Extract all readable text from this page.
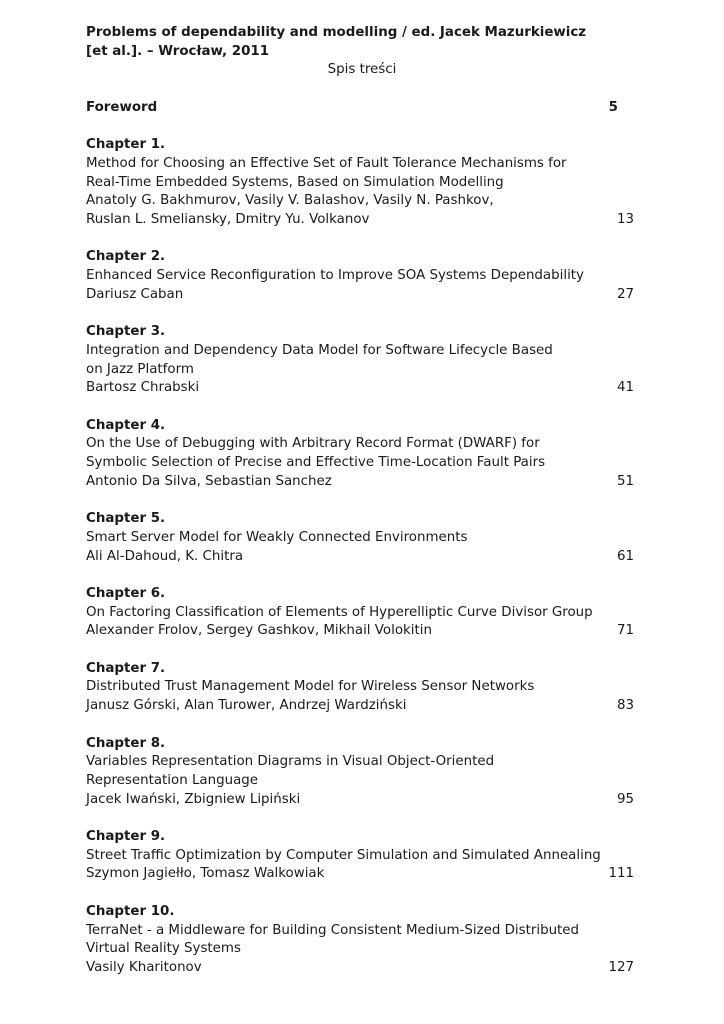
Problems of dependability and modelling / ed. Jacek Mazurkiewicz

[et al.]. – Wrocław, 2011

Spis treści

Foreword	5

Chapter 1.

Method for Choosing an Effective Set of Fault Tolerance Mechanisms for

Real-Time Embedded Systems, Based on Simulation Modelling

Anatoly G. Bakhmurov, Vasily V. Balashov, Vasily N. Pashkov,

Ruslan L. Smeliansky, Dmitry Yu. Volkanov	13

Chapter 2.

Enhanced Service Reconfiguration to Improve SOA Systems Dependability

Dariusz Caban	27

Chapter 3.

Integration and Dependency Data Model for Software Lifecycle Based

on Jazz Platform

Bartosz Chrabski	41

Chapter 4.

On the Use of Debugging with Arbitrary Record Format (DWARF) for

Symbolic Selection of Precise and Effective Time-Location Fault Pairs

Antonio Da Silva, Sebastian Sanchez	51

Chapter 5.

Smart Server Model for Weakly Connected Environments

Ali Al-Dahoud, K. Chitra	61

Chapter 6.

On Factoring Classification of Elements of Hyperelliptic Curve Divisor Group

Alexander Frolov, Sergey Gashkov, Mikhail Volokitin	71

Chapter 7.

Distributed Trust Management Model for Wireless Sensor Networks

Janusz Górski, Alan Turower, Andrzej Wardziński	83

Chapter 8.

Variables Representation Diagrams in Visual Object-Oriented

Representation Language

Jacek Iwański, Zbigniew Lipiński	95

Chapter 9.

Street Traffic Optimization by Computer Simulation and Simulated Annealing

Szymon Jagiełło, Tomasz Walkowiak	111

Chapter 10.

TerraNet - a Middleware for Building Consistent Medium-Sized Distributed

Virtual Reality Systems

Vasily Kharitonov	127
